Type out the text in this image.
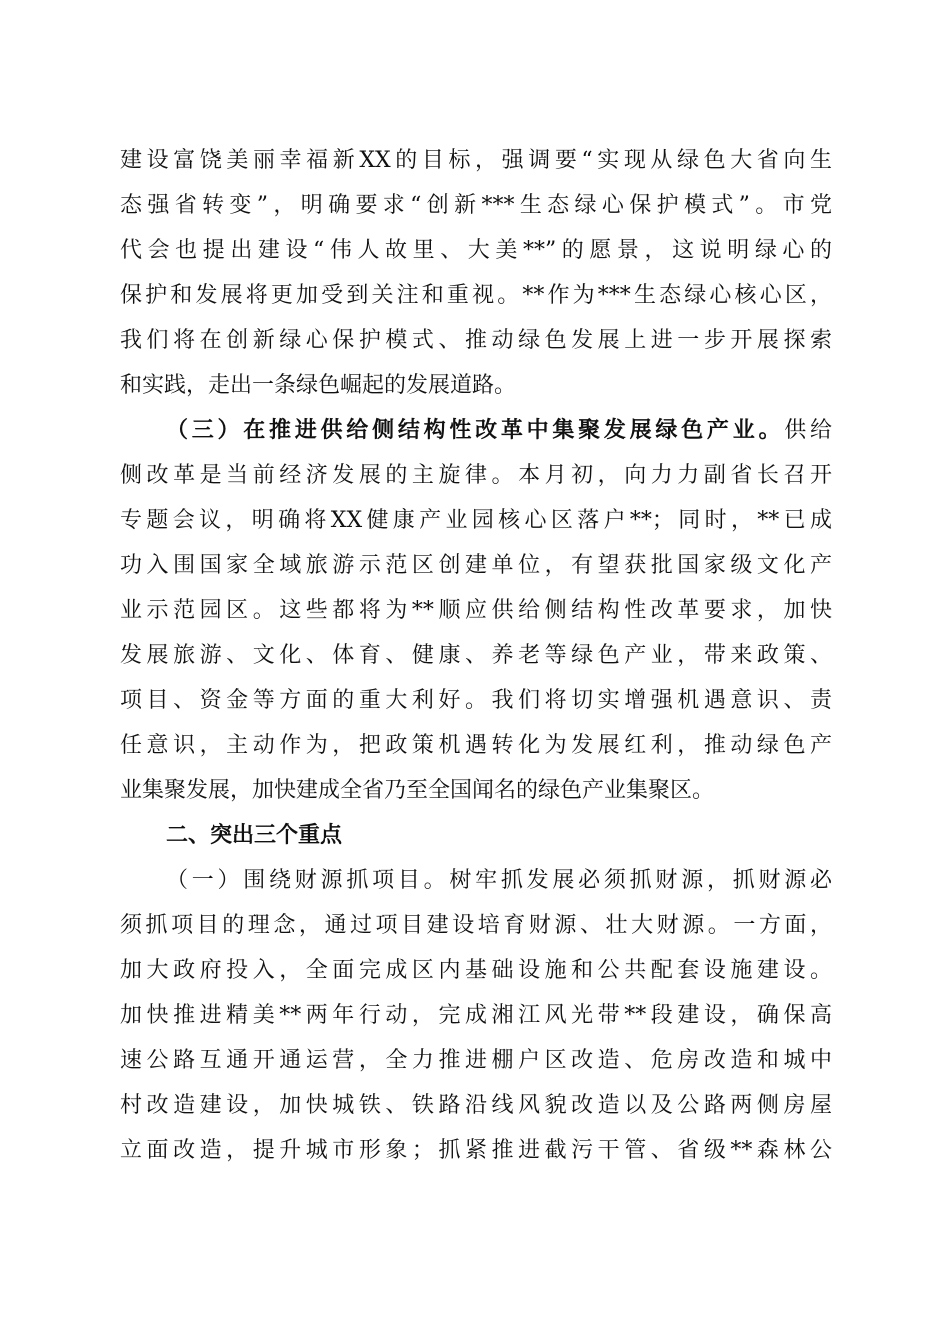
建设富饶美丽幸福新XX的目标，强调要“实现从绿色大省向生
态强省转变”，明确要求“创新***生态绿心保护模式”。市党
代会也提出建设“伟人故里、大美**”的愿景，这说明绿心的
保护和发展将更加受到关注和重视。**作为***生态绿心核心区，
我们将在创新绿心保护模式、推动绿色发展上进一步开展探索
和实践，走出一条绿色崛起的发展道路。
（三）在推进供给侧结构性改革中集聚发展绿色产业。供给
侧改革是当前经济发展的主旋律。本月初，向力力副省长召开
专题会议，明确将XX健康产业园核心区落户**；同时，**已成
功入围国家全域旅游示范区创建单位，有望获批国家级文化产
业示范园区。这些都将为**顺应供给侧结构性改革要求，加快
发展旅游、文化、体育、健康、养老等绿色产业，带来政策、
项目、资金等方面的重大利好。我们将切实增强机遇意识、责
任意识，主动作为，把政策机遇转化为发展红利，推动绿色产
业集聚发展，加快建成全省乃至全国闻名的绿色产业集聚区。
二、突出三个重点
（一）围绕财源抓项目。树牢抓发展必须抓财源，抓财源必
须抓项目的理念，通过项目建设培育财源、壮大财源。一方面，
加大政府投入，全面完成区内基础设施和公共配套设施建设。
加快推进精美**两年行动，完成湘江风光带**段建设，确保高
速公路互通开通运营，全力推进棚户区改造、危房改造和城中
村改造建设，加快城铁、铁路沿线风貌改造以及公路两侧房屋
立面改造，提升城市形象；抓紧推进截污干管、省级**森林公
